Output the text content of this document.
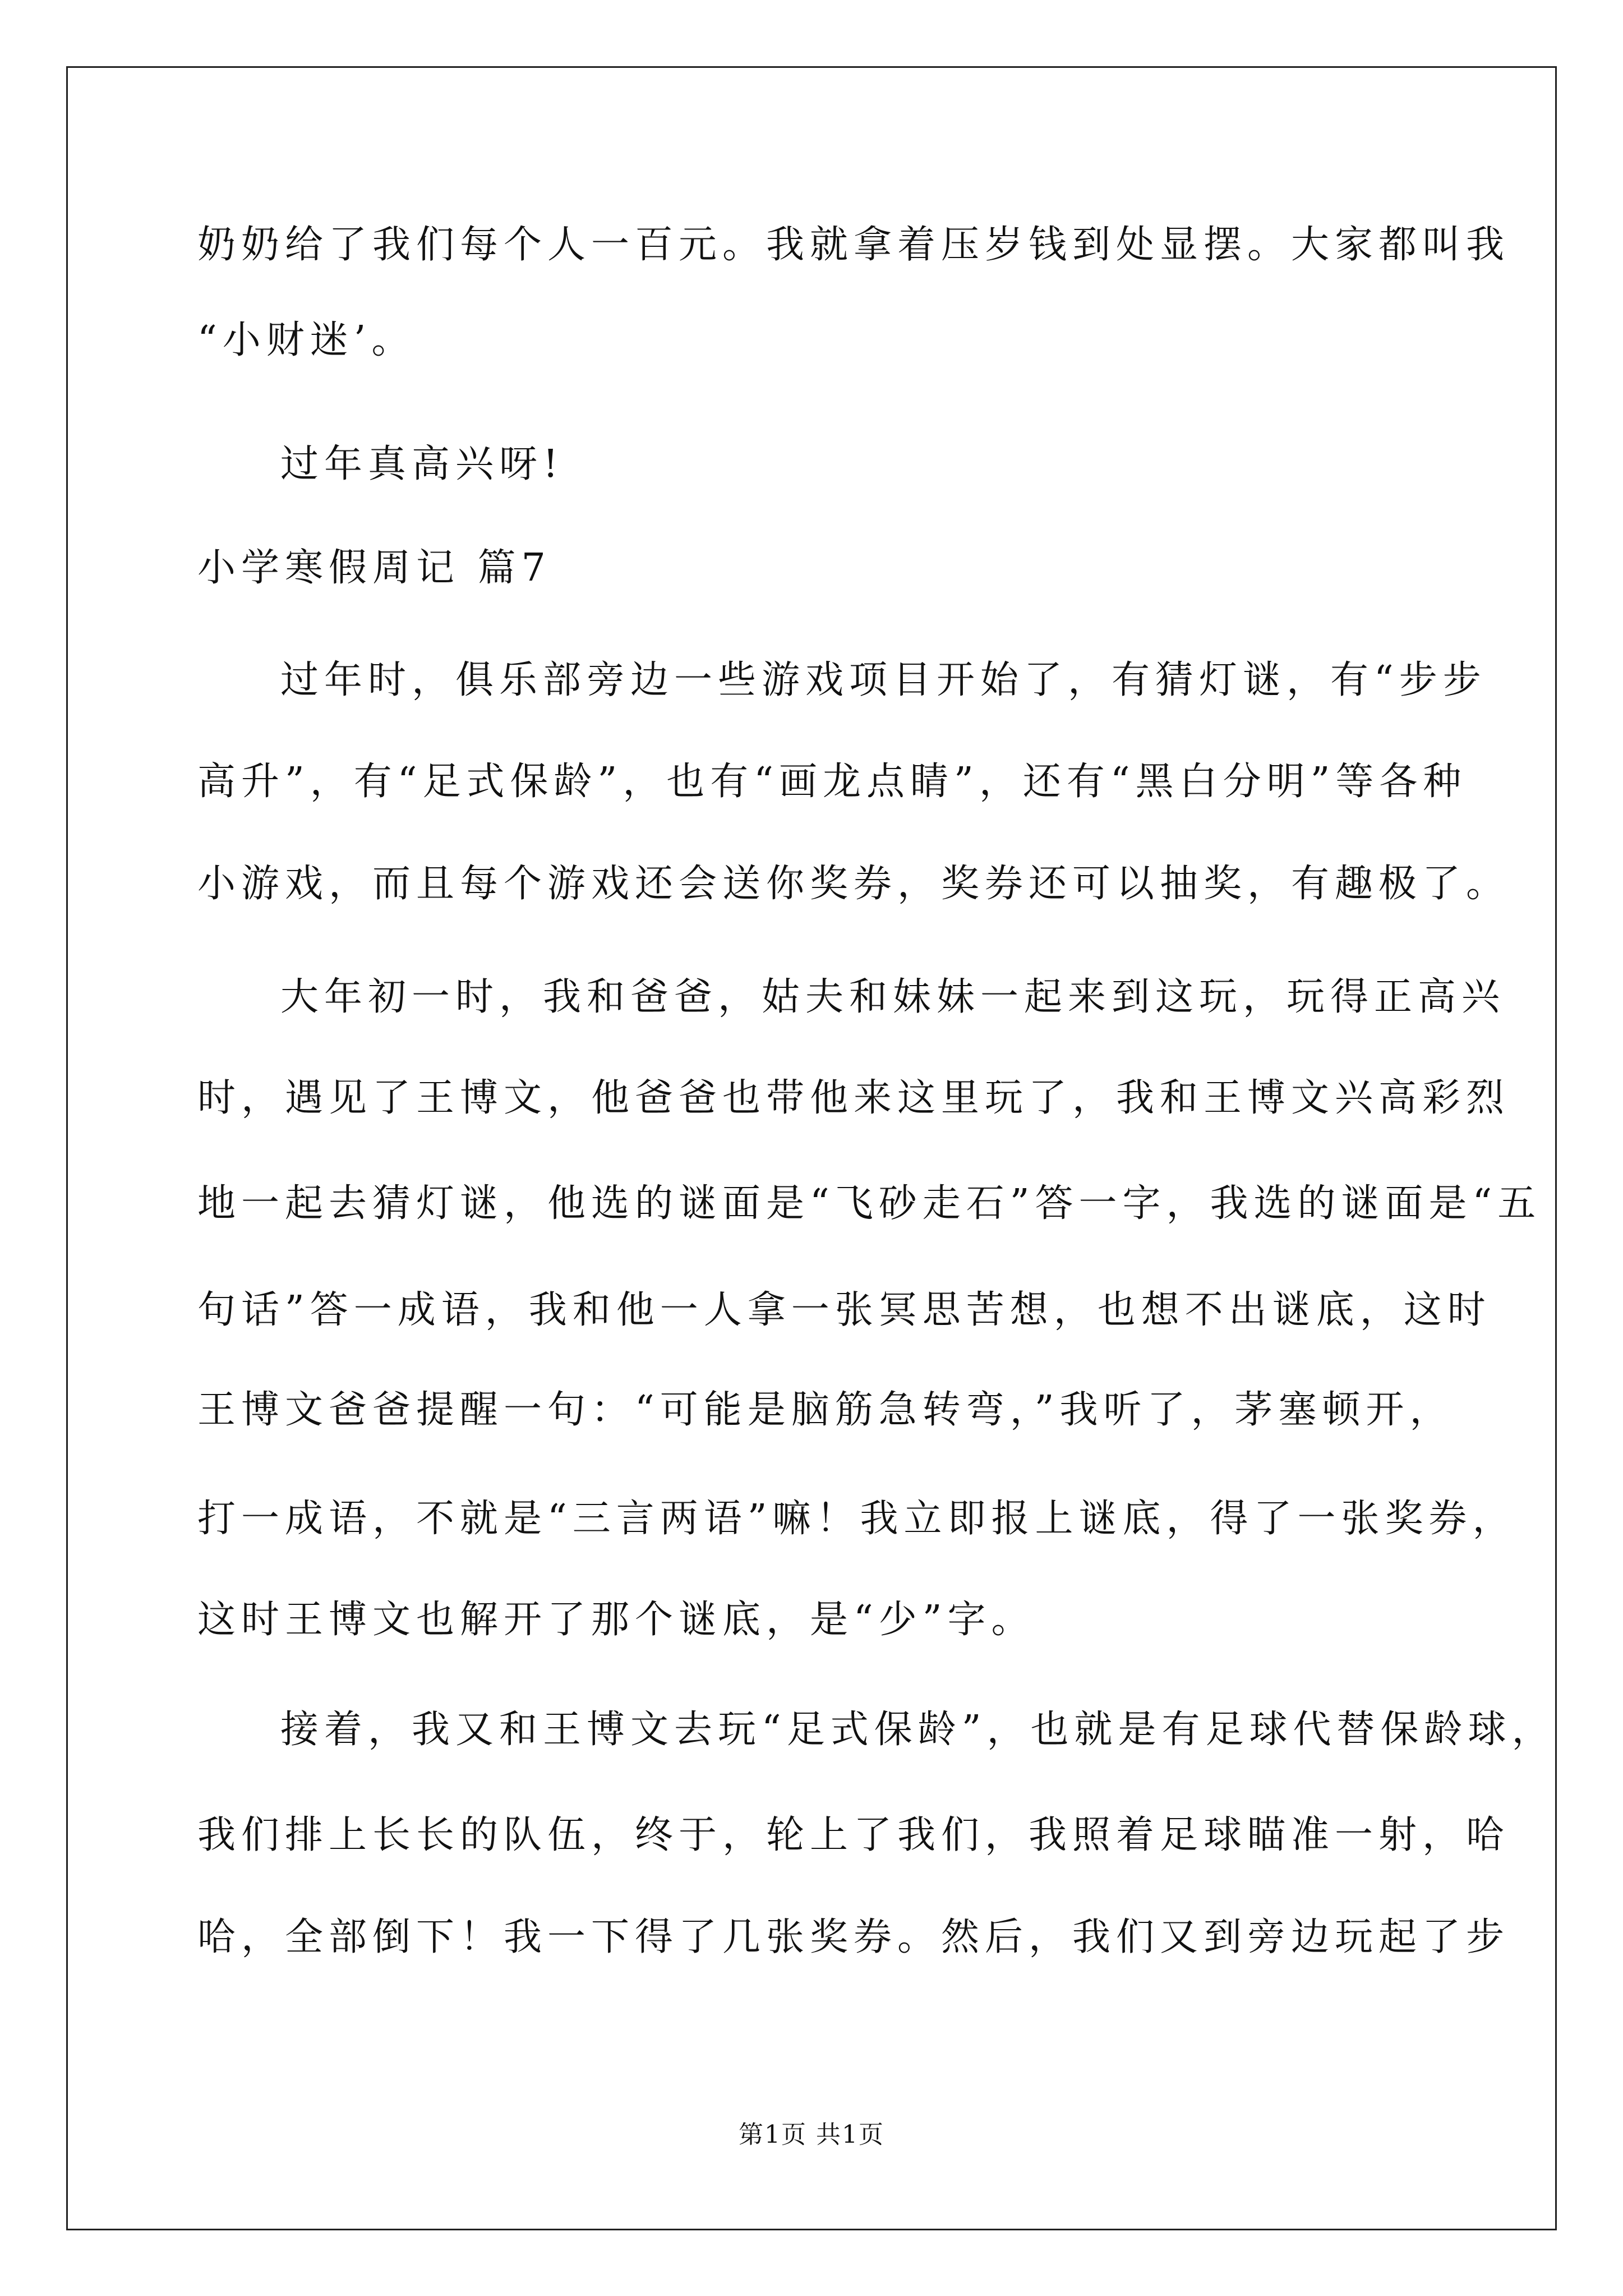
奶奶给了我们每个人一百元。我就拿着压岁钱到处显摆。大家都叫我
“小财迷’。
过年真高兴呀!
小学寒假周记 篇7
过年时，俱乐部旁边一些游戏项目开始了，有猜灯谜，有“步步
高升”，有“足式保龄”，也有“画龙点睛”，还有“黑白分明”等各种
小游戏，而且每个游戏还会送你奖券，奖券还可以抽奖，有趣极了。
大年初一时，我和爸爸，姑夫和妹妹一起来到这玩，玩得正高兴
时，遇见了王博文，他爸爸也带他来这里玩了，我和王博文兴高彩烈
地一起去猜灯谜，他选的谜面是“飞砂走石”答一字，我选的谜面是“五
句话”答一成语，我和他一人拿一张冥思苦想，也想不出谜底，这时
王博文爸爸提醒一句：“可能是脑筋急转弯，”我听了，茅塞顿开，
打一成语，不就是“三言两语”嘛！我立即报上谜底，得了一张奖券，
这时王博文也解开了那个谜底，是“少”字。
接着，我又和王博文去玩“足式保龄”，也就是有足球代替保龄球，
我们排上长长的队伍，终于，轮上了我们，我照着足球瞄准一射，哈
哈，全部倒下！我一下得了几张奖券。然后，我们又到旁边玩起了步
第1页 共1页
